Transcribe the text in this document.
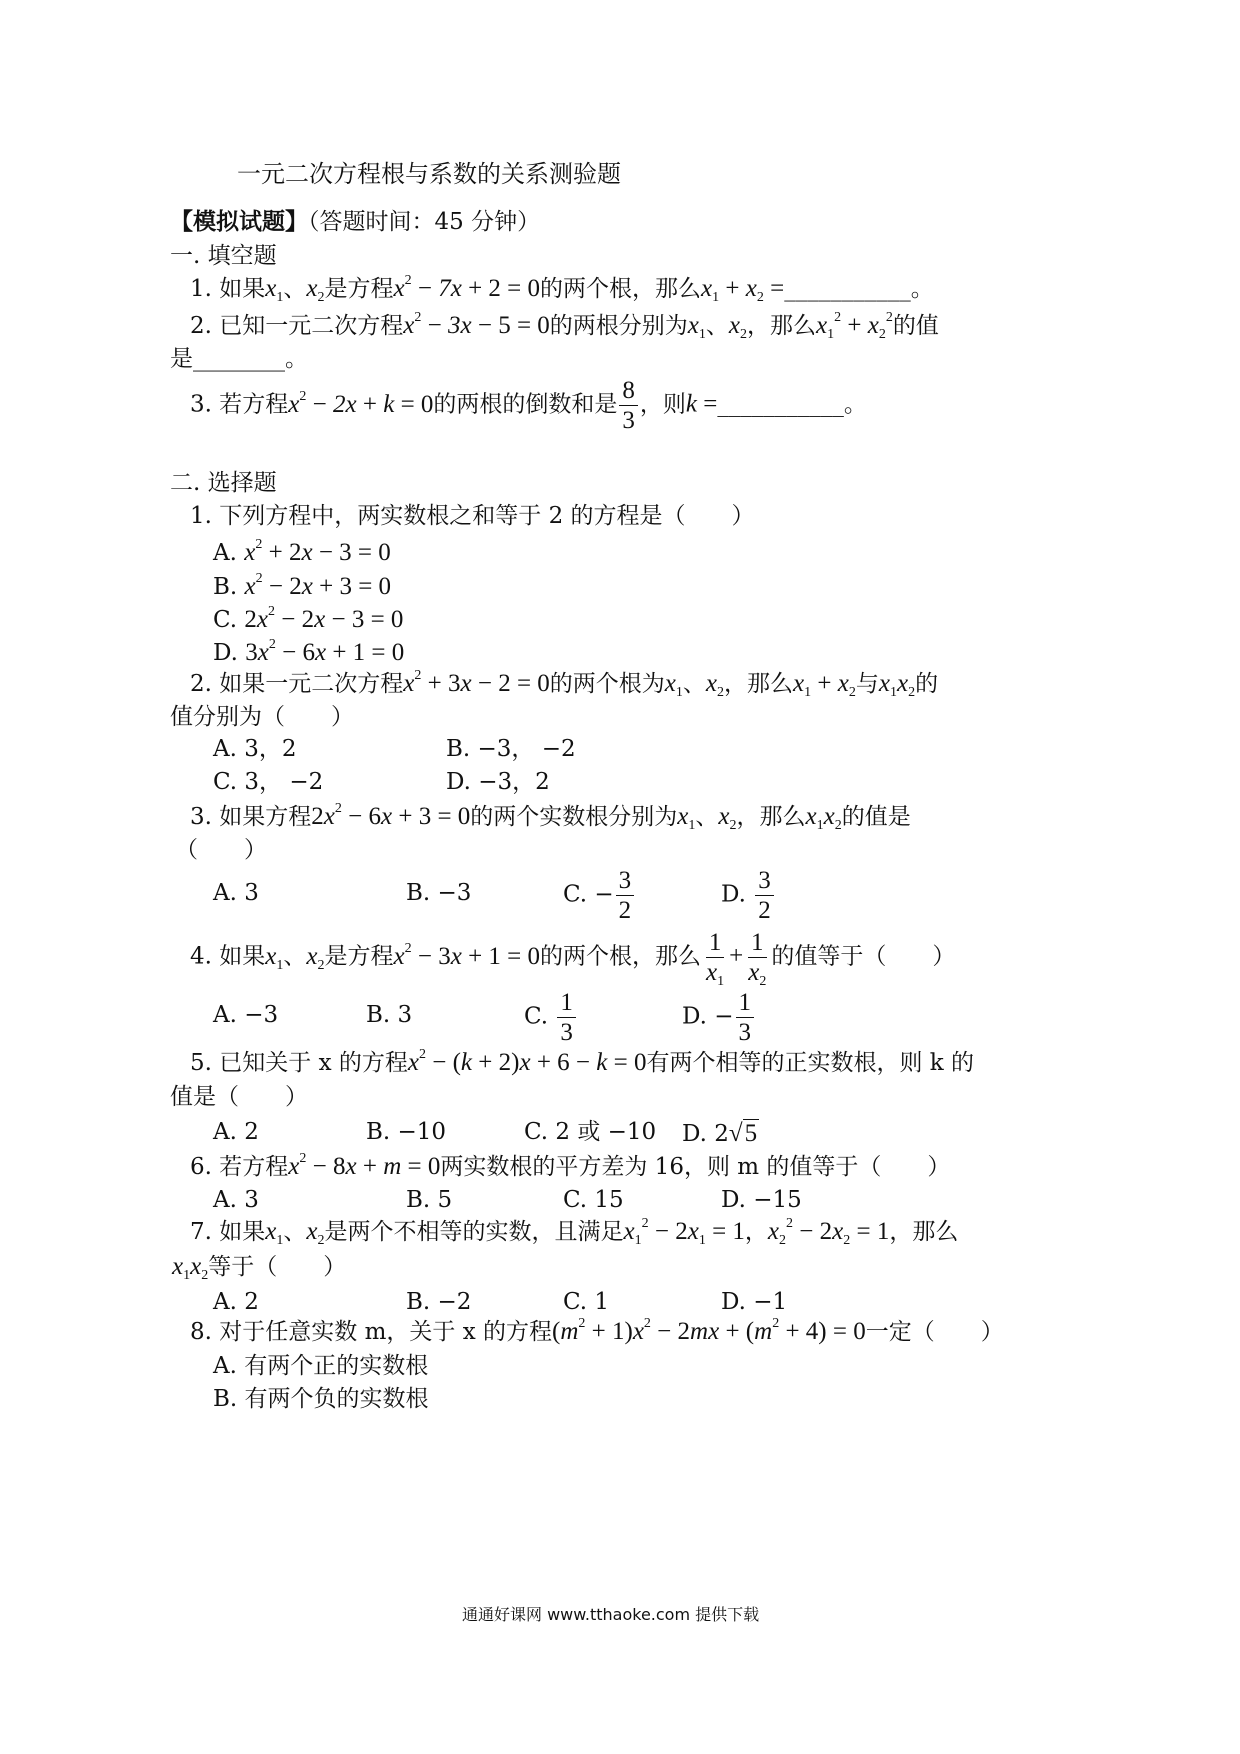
一元二次方程根与系数的关系测验题
【模拟试题】（答题时间：45 分钟）
一. 填空题
1. 如果$x_1$、$x_2$是方程$x^2 - 7x + 2 = 0$的两个根，那么$x_1 + x_2$ =___________。
2. 已知一元二次方程$x^2 - 3x - 5 = 0$的两根分别为$x_1$、$x_2$，那么$x_1^2 + x_2^2$的值
是________。
3. 若方程$x^2 - 2x + k = 0$的两根的倒数和是 $\frac{8}{3}$ ，则k =___________。
二. 选择题
1. 下列方程中，两实数根之和等于 2 的方程是（　　）
A. $x^2 + 2x - 3 = 0$
B. $x^2 - 2x + 3 = 0$
C. $2x^2 - 2x - 3 = 0$
D. $3x^2 - 6x + 1 = 0$
2. 如果一元二次方程$x^2 + 3x - 2 = 0$的两个根为$x_1$、$x_2$，那么$x_1 + x_2$与$x_1x_2$的
值分别为（　　）
A. 3，2	B. −3， −2
C. 3， −2	D. −3，2
3. 如果方程$2x^2 - 6x + 3 = 0$的两个实数根分别为$x_1$、$x_2$，那么$x_1x_2$的值是
（　　）
A. 3	B. −3	C. − $\frac{3}{2}$	D. $\frac{3}{2}$
4. 如果$x_1$、$x_2$是方程$x^2 - 3x + 1 = 0$的两个根，那么 $\frac{1}{x_1} + \frac{1}{x_2}$ 的值等于（　　）
A. −3	B. 3	C. $\frac{1}{3}$	D. − $\frac{1}{3}$
5. 已知关于 x 的方程$x^2 - (k + 2)x + 6 - k = 0$有两个相等的正实数根，则 k 的
值是（　　）
A. 2	B. −10	C. 2 或 −10 D. 2√5
6. 若方程$x^2 - 8x + m = 0$两实数根的平方差为 16，则 m 的值等于（　　）
A. 3	B. 5	C. 15	D. −15
7. 如果$x_1$、$x_2$是两个不相等的实数，且满足$x_1^2 - 2x_1 = 1$，$x_2^2 - 2x_2 = 1$，那么
$x_1x_2$等于（　　）
A. 2	B. −2	C. 1	D. −1
8. 对于任意实数 m，关于 x 的方程$(m^2 + 1)x^2 - 2mx + (m^2 + 4) = 0$一定（　　）
A. 有两个正的实数根
B. 有两个负的实数根
通通好课网 www.tthaoke.com 提供下载
